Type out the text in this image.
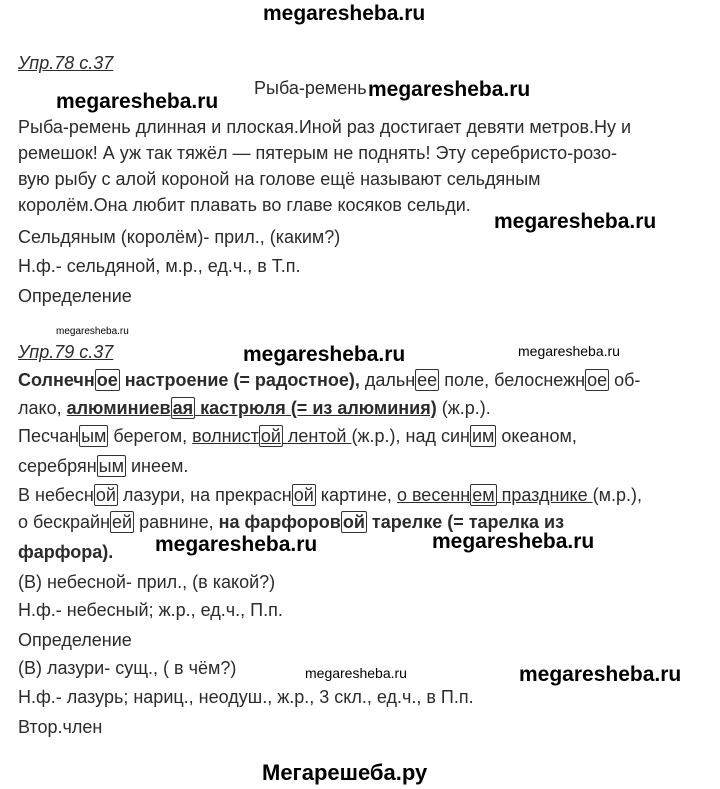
megaresheba.ru
megaresheba.ru
megaresheba.ru
megaresheba.ru
megaresheba.ru
megaresheba.ru	megaresheba.ru
megaresheba.ru	megaresheba.ru
megaresheba.ru	megaresheba.ru
Мегарешеба.ру
Упр.78 с.37
Рыба-ремень
Рыба-ремень длинная и плоская.Иной раз достигает девяти метров.Ну и
ремешок! А уж так тяжёл — пятерым не поднять! Эту серебристо-розо-
вую рыбу с алой короной на голове ещё называют сельдяным
королём.Она любит плавать во главе косяков сельди.
Сельдяным (королём)- прил., (каким?)
Н.ф.- сельдяной, м.р., ед.ч., в Т.п.
Определение
Упр.79 с.37
Солнечн ое настроение (= радостное), дальн ее поле, белоснежн ое об-
лако, алюминиев ая кастрюля (= из алюминия) (ж.р.).
Песчан ым берегом, волнист ой лентой (ж.р.), над син им океаном,
серебрян ым инеем.
В небесн ой лазури, на прекрасн ой картине, о весенн ем празднике (м.р.),
о бескрайн ей равнине, на фарфоров ой тарелке (= тарелка из
фарфора).
(В) небесной- прил., (в какой?)
Н.ф.- небесный; ж.р., ед.ч., П.п.
Определение
(В) лазури- сущ., ( в чём?)
Н.ф.- лазурь; нариц., неодуш., ж.р., 3 скл., ед.ч., в П.п.
Втор.член
